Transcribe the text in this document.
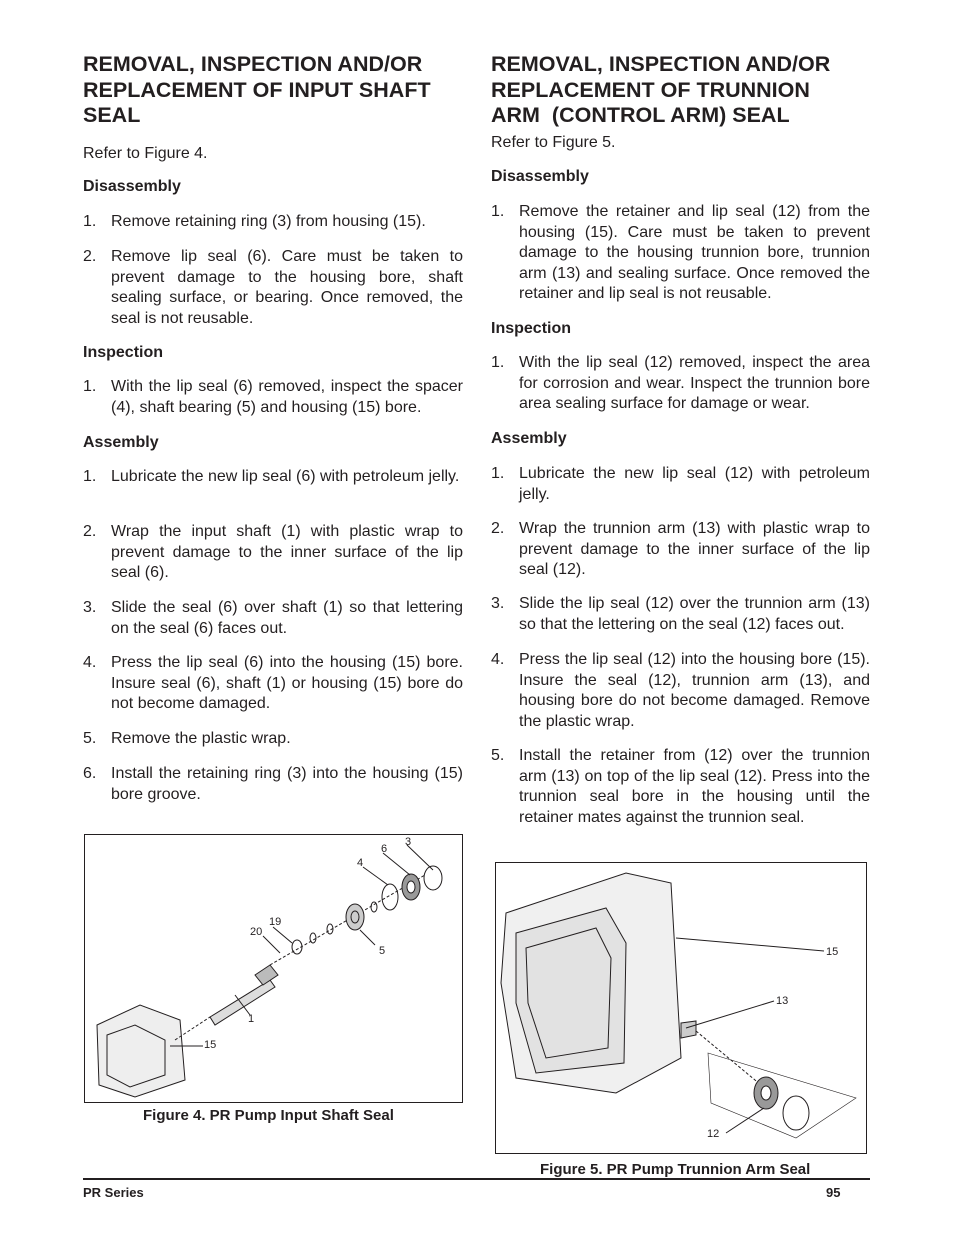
REMOVAL, INSPECTION AND/OR
REPLACEMENT OF INPUT SHAFT
SEAL
Refer to Figure 4.
Disassembly
1. Remove retaining ring (3) from housing (15).
2. Remove lip seal (6). Care must be taken to prevent damage to the housing bore, shaft sealing surface, or bearing. Once removed, the seal is not reusable.
Inspection
1. With the lip seal (6) removed, inspect the spacer (4), shaft bearing (5) and housing (15) bore.
Assembly
1. Lubricate the new lip seal (6) with petroleum jelly.
2. Wrap the input shaft (1) with plastic wrap to prevent damage to the inner surface of the lip seal (6).
3. Slide the seal (6) over shaft (1) so that lettering on the seal (6) faces out.
4. Press the lip seal (6) into the housing (15) bore. Insure seal (6), shaft (1) or housing (15) bore do not become damaged.
5. Remove the plastic wrap.
6. Install the retaining ring (3) into the housing (15) bore groove.
3
6
4
19
20
5
1
15
Figure 4. PR Pump Input Shaft Seal
REMOVAL, INSPECTION AND/OR
REPLACEMENT OF TRUNNION
ARM  (CONTROL ARM) SEAL
Refer to Figure 5.
Disassembly
1. Remove the retainer and lip seal (12) from the housing (15). Care must be taken to prevent damage to the housing trunnion bore, trunnion arm (13) and sealing surface. Once removed the retainer and lip seal is not reusable.
Inspection
1. With the lip seal (12) removed, inspect the area for corrosion and wear. Inspect the trunnion bore area sealing surface for damage or wear.
Assembly
1. Lubricate the new lip seal (12) with petroleum jelly.
2. Wrap the trunnion arm (13) with plastic wrap to prevent damage to the inner surface of the lip seal (12).
3. Slide the lip seal (12) over the trunnion arm (13) so that the lettering on the seal (12) faces out.
4. Press the lip seal (12) into the housing bore (15). Insure the seal (12), trunnion arm (13), and housing bore do not become damaged. Remove the plastic wrap.
5. Install the retainer from (12) over the trunnion arm (13) on top of the lip seal (12). Press into the trunnion seal bore in the housing until the retainer mates against the trunnion seal.
15
13
12
Figure 5. PR Pump Trunnion Arm Seal
PR Series	95
